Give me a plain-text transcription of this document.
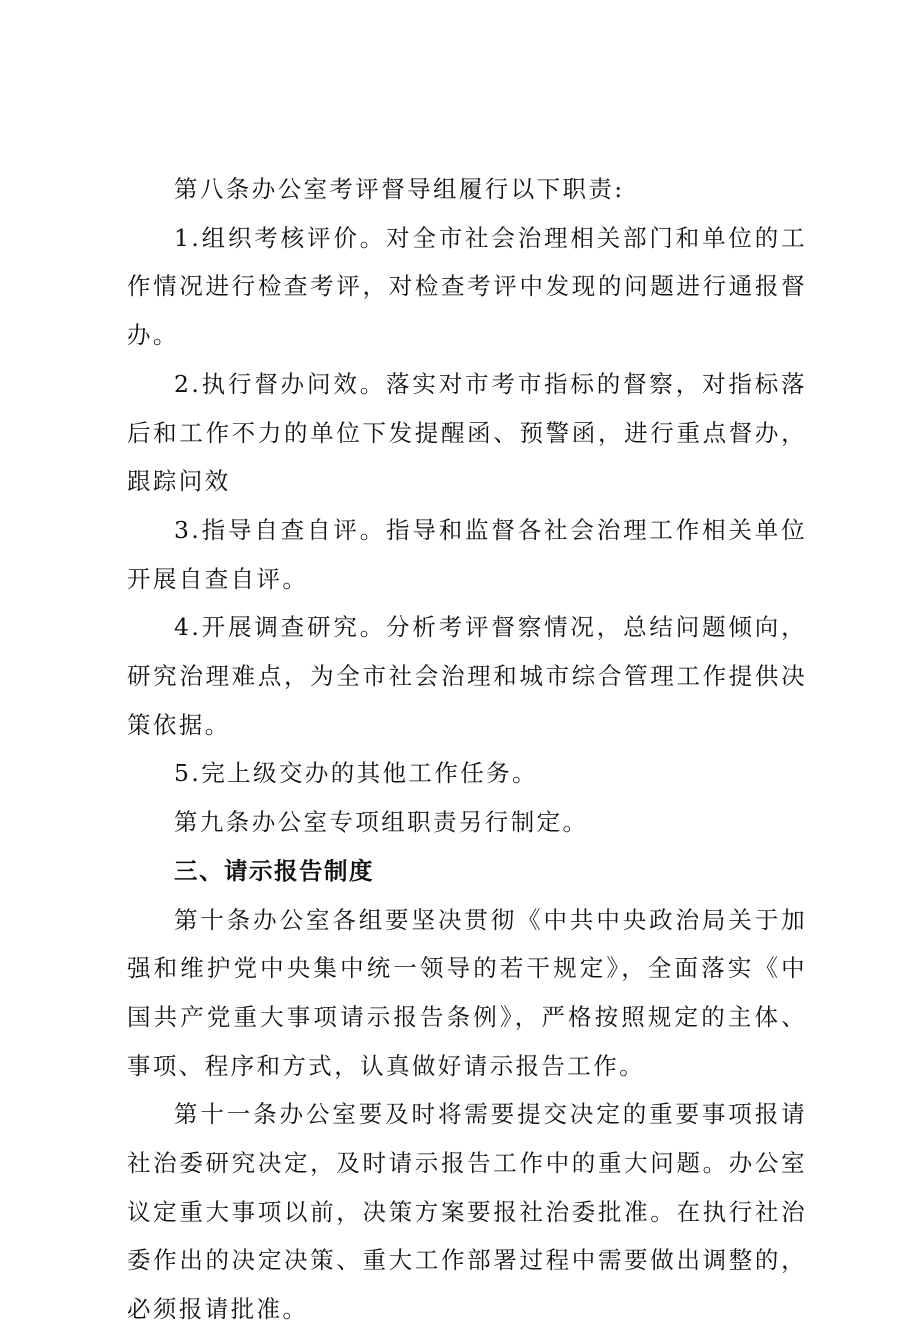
第八条办公室考评督导组履行以下职责:

1.组织考核评价。对全市社会治理相关部门和单位的工作情况进行检查考评，对检查考评中发现的问题进行通报督办。

2.执行督办问效。落实对市考市指标的督察，对指标落后和工作不力的单位下发提醒函、预警函，进行重点督办，跟踪问效

3.指导自查自评。指导和监督各社会治理工作相关单位开展自查自评。

4.开展调查研究。分析考评督察情况，总结问题倾向，研究治理难点，为全市社会治理和城市综合管理工作提供决策依据。

5.完上级交办的其他工作任务。

第九条办公室专项组职责另行制定。

三、请示报告制度

第十条办公室各组要坚决贯彻《中共中央政治局关于加强和维护党中央集中统一领导的若干规定》，全面落实《中国共产党重大事项请示报告条例》，严格按照规定的主体、事项、程序和方式，认真做好请示报告工作。

第十一条办公室要及时将需要提交决定的重要事项报请社治委研究决定，及时请示报告工作中的重大问题。办公室议定重大事项以前，决策方案要报社治委批准。在执行社治委作出的决定决策、重大工作部署过程中需要做出调整的，必须报请批准。
